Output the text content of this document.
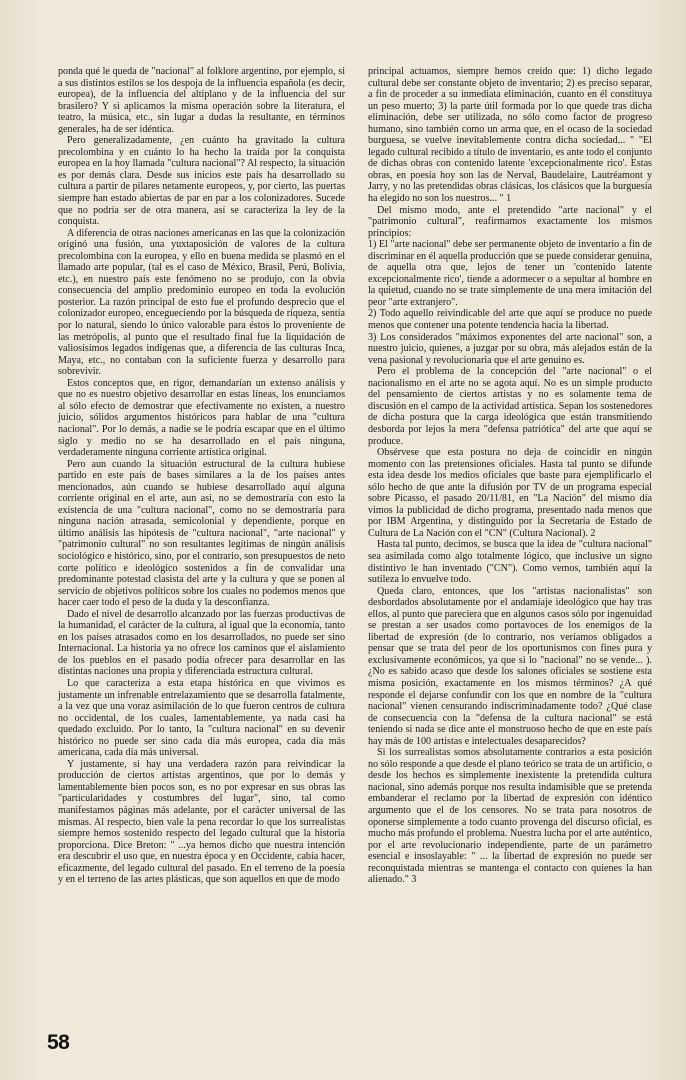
ponda qué le queda de "nacional" al folklore argentino, por ejemplo, si a sus distintos estilos se los despoja de la influencia española (es decir, europea), de la influencia del altiplano y de la influencia del sur brasilero? Y si aplicamos la misma operación sobre la literatura, el teatro, la música, etc., sin lugar a dudas la resultante, en términos generales, ha de ser idéntica.

Pero generalizadamente, ¿en cuánto ha gravitado la cultura precolombina y en cuánto lo ha hecho la traída por la conquista europea en la hoy llamada "cultura nacional"? Al respecto, la situación es por demás clara. Desde sus inicios este país ha desarrollado su cultura a partir de pilares netamente europeos, y, por cierto, las puertas siempre han estado abiertas de par en par a los colonizadores. Sucede que no podría ser de otra manera, así se caracteriza la ley de la conquista.

A diferencia de otras naciones americanas en las que la colonización originó una fusión, una yuxtaposición de valores de la cultura precolombina con la europea, y ello en buena medida se plasmó en el llamado arte popular, (tal es el caso de México, Brasil, Perú, Bolivia, etc.), en nuestro país este fenómeno no se produjo, con la obvia consecuencia del amplio predominio europeo en toda la evolución posterior. La razón principal de esto fue el profundo desprecio que el colonizador europeo, encegueciendo por la búsqueda de riqueza, sentía por lo natural, siendo lo único valorable para éstos lo proveniente de las metrópolis, al punto que el resultado final fue la liquidación de valiosísimos legados indígenas que, a diferencia de las culturas Inca, Maya, etc., no contaban con la suficiente fuerza y desarrollo para sobrevivir.

Estos conceptos que, en rigor, demandarían un extenso análisis y que no es nuestro objetivo desarrollar en estas líneas, los enunciamos al sólo efecto de demostrar que efectivamente no existen, a nuestro juicio, sólidos argumentos históricos para hablar de una "cultura nacional". Por lo demás, a nadie se le podría escapar que en el último siglo y medio no se ha desarrollado en el país ninguna, verdaderamente ninguna corriente artística original.

Pero aun cuando la situación estructural de la cultura hubiese partido en este país de bases similares a la de los países antes mencionados, aún cuando se hubiese desarrollado aquí alguna corriente original en el arte, aun así, no se demostraría con esto la existencia de una "cultura nacional", como no se demostraría para ninguna nación atrasada, semicolonial y dependiente, porque en último análisis las hipótesis de "cultura nacional", "arte nacional" y "patrimonio cultural" no son resultantes legítimas de ningún análisis sociológico e histórico, sino, por el contrario, son presupuestos de neto corte político e ideológico sostenidos a fin de convalidar una predominante potestad clasista del arte y la cultura y que se ponen al servicio de objetivos políticos sobre los cuales no podemos menos que hacer caer todo el peso de la duda y la desconfianza.

Dado el nivel de desarrollo alcanzado por las fuerzas productivas de la humanidad, el carácter de la cultura, al igual que la economía, tanto en los países atrasados como en los desarrollados, no puede ser sino Internacional. La historia ya no ofrece los caminos que el aislamiento de los pueblos en el pasado podía ofrecer para desarrollar en las distintas naciones una propia y diferenciada estructura cultural.

Lo que caracteriza a esta etapa histórica en que vivimos es justamente un infrenable entrelazamiento que se desarrolla fatalmente, a la vez que una voraz asimilación de lo que fueron centros de cultura no occidental, de los cuales, lamentablemente, ya nada casi ha quedado excluido. Por lo tanto, la "cultura nacional" en su devenir histórico no puede ser sino cada día más europea, cada día más americana, cada día más universal.

Y justamente, si hay una verdadera razón para reivindicar la producción de ciertos artistas argentinos, que por lo demás y lamentablemente bien pocos son, es no por expresar en sus obras las "particularidades y costumbres del lugar", sino, tal como manifestamos páginas más adelante, por el carácter universal de las mismas. Al respecto, bien vale la pena recordar lo que los surrealistas siempre hemos sostenido respecto del legado cultural que la historia proporciona. Dice Breton: " ...ya hemos dicho que nuestra intención era descubrir el uso que, en nuestra época y en Occidente, cabía hacer, eficazmente, del legado cultural del pasado. En el terreno de la poesía y en el terreno de las artes plásticas, que son aquellos en que de modo

principal actuamos, siempre hemos creído que: 1) dicho legado cultural debe ser constante objeto de inventario; 2) es preciso separar, a fin de proceder a su inmediata eliminación, cuanto en él constituya un peso muerto; 3) la parte útil formada por lo que quede tras dicha eliminación, debe ser utilizada, no sólo como factor de progreso humano, sino también como un arma que, en el ocaso de la sociedad burguesa, se vuelve inevitablemente contra dicha sociedad... " "El legado cultural recibido a título de inventario, es ante todo el conjunto de dichas obras con contenido latente 'excepcionalmente rico'. Estas obras, en poesía hoy son las de Nerval, Baudelaire, Lautréamont y Jarry, y no las pretendidas obras clásicas, los clásicos que la burguesía ha elegido no son los nuestros... " 1

Del mismo modo, ante el pretendido "arte nacional" y el "patrimonio cultural", reafirmamos exactamente los mismos principios:

1) El "arte nacional" debe ser permanente objeto de inventario a fin de discriminar en él aquella producción que se puede considerar genuina, de aquella otra que, lejos de tener un 'contenido latente excepcionalmente rico', tiende a adormecer o a sepultar al hombre en la quietud, cuando no se trate simplemente de una mera imitación del peor "arte extranjero".

2) Todo aquello reivindicable del arte que aquí se produce no puede menos que contener una potente tendencia hacia la libertad.

3) Los considerados "máximos exponentes del arte nacional" son, a nuestro juicio, quienes, a juzgar por su obra, más alejados están de la vena pasional y revolucionaria que el arte genuino es.

Pero el problema de la concepción del "arte nacional" o el nacionalismo en el arte no se agota aquí. No es un simple producto del pensamiento de ciertos artistas y no es solamente tema de discusión en el campo de la actividad artística. Sepan los sostenedores de dicha postura que la carga ideológica que están transmitiendo desborda por lejos la mera "defensa patriótica" del arte que aquí se produce.

Obsérvese que esta postura no deja de coincidir en ningún momento con las pretensiones oficiales. Hasta tal punto se difunde esta idea desde los medios oficiales que baste para ejemplificarlo el sólo hecho de que ante la difusión por TV de un programa especial sobre Picasso, el pasado 20/11/81, en "La Nación" del mismo día vimos la publicidad de dicho programa, presentado nada menos que por IBM Argentina, y distinguido por la Secretaría de Estado de Cultura de La Nación con el "CN" (Cultura Nacional). 2

Hasta tal punto, decimos, se busca que la idea de "cultura nacional" sea asimilada como algo totalmente lógico, que inclusive un signo distintivo le han inventado ("CN"). Como vemos, también aquí la sutileza lo envuelve todo.

Queda claro, entonces, que los "artistas nacionalistas" son desbordados absolutamente por el andamiaje ideológico que hay tras ellos, al punto que pareciera que en algunos casos sólo por ingenuidad se prestan a ser usados como portavoces de los enemigos de la libertad de expresión (de lo contrario, nos veríamos obligados a pensar que se trata del peor de los oportunismos con fines pura y exclusivamente económicos, ya que si lo "nacional" no se vende... ). ¿No es sabido acaso que desde los salones oficiales se sostiene esta misma posición, exactamente en los mismos términos? ¿A qué responde el dejarse confundir con los que en nombre de la "cultura nacional" vienen censurando indiscriminadamente todo? ¿Qué clase de consecuencia con la "defensa de la cultura nacional" se está teniendo si nada se dice ante el monstruoso hecho de que en este país hay más de 100 artistas e intelectuales desaparecidos?

Si los surrealistas somos absolutamente contrarios a esta posición no sólo responde a que desde el plano teórico se trata de un artificio, o desde los hechos es simplemente inexistente la pretendida cultura nacional, sino además porque nos resulta indamisible que se pretenda embanderar el reclamo por la libertad de expresión con idéntico argumento que el de los censores. No se trata para nosotros de oponerse simplemente a todo cuanto provenga del discurso oficial, es mucho más profundo el problema. Nuestra lucha por el arte auténtico, por el arte revolucionario independiente, parte de un parámetro esencial e insoslayable: " ... la libertad de expresión no puede ser reconquistada mientras se mantenga el contacto con quienes la han alienado." 3

58
